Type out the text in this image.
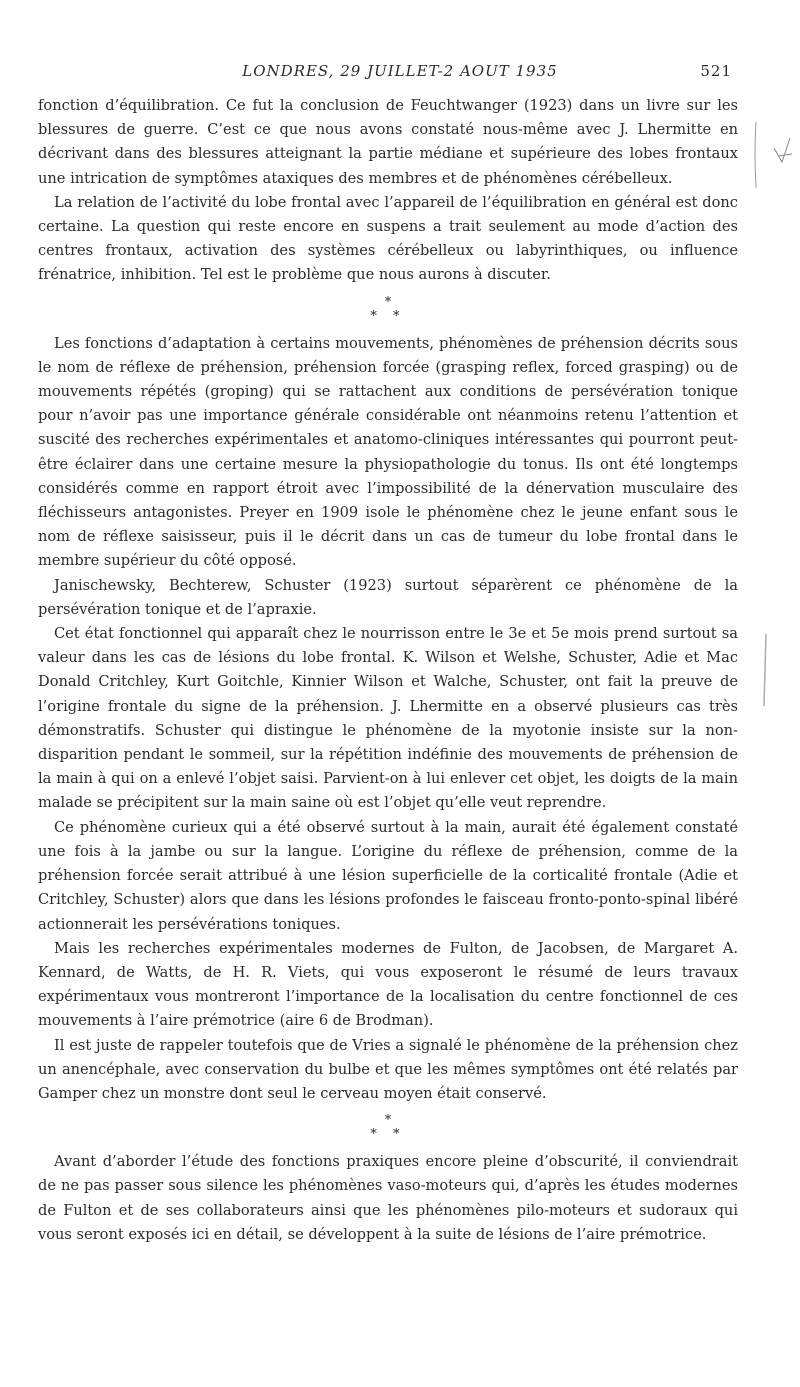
LONDRES, 29 JUILLET-2 AOUT 1935	521

fonction d’équilibration. Ce fut la conclusion de Feuchtwanger (1923) dans un livre sur les blessures de guerre. C’est ce que nous avons constaté nous-même avec J. Lhermitte en décrivant dans des blessures atteignant la partie médiane et supérieure des lobes frontaux une intrication de symptômes ataxiques des membres et de phénomènes cérébelleux.

La relation de l’activité du lobe frontal avec l’appareil de l’équilibration en général est donc certaine. La question qui reste encore en suspens a trait seulement au mode d’action des centres frontaux, activation des systèmes cérébelleux ou labyrinthiques, ou influence frénatrice, inhibition. Tel est le problème que nous aurons à discuter.

*
* *

Les fonctions d’adaptation à certains mouvements, phénomènes de préhension décrits sous le nom de réflexe de préhension, préhension forcée (grasping reflex, forced grasping) ou de mouvements répétés (groping) qui se rattachent aux conditions de persévération tonique pour n’avoir pas une importance générale considérable ont néanmoins retenu l’attention et suscité des recherches expérimentales et anatomo-cliniques intéressantes qui pourront peut-être éclairer dans une certaine mesure la physiopathologie du tonus. Ils ont été longtemps considérés comme en rapport étroit avec l’impossibilité de la dénervation musculaire des fléchisseurs antagonistes. Preyer en 1909 isole le phénomène chez le jeune enfant sous le nom de réflexe saisisseur, puis il le décrit dans un cas de tumeur du lobe frontal dans le membre supérieur du côté opposé.

Janischewsky, Bechterew, Schuster (1923) surtout séparèrent ce phénomène de la persévération tonique et de l’apraxie.

Cet état fonctionnel qui apparaît chez le nourrisson entre le 3e et 5e mois prend surtout sa valeur dans les cas de lésions du lobe frontal. K. Wilson et Welshe, Schuster, Adie et Mac Donald Critchley, Kurt Goitchle, Kinnier Wilson et Walche, Schuster, ont fait la preuve de l’origine frontale du signe de la préhension. J. Lhermitte en a observé plusieurs cas très démonstratifs. Schuster qui distingue le phénomène de la myotonie insiste sur la non-disparition pendant le sommeil, sur la répétition indéfinie des mouvements de préhension de la main à qui on a enlevé l’objet saisi. Parvient-on à lui enlever cet objet, les doigts de la main malade se précipitent sur la main saine où est l’objet qu’elle veut reprendre.

Ce phénomène curieux qui a été observé surtout à la main, aurait été également constaté une fois à la jambe ou sur la langue. L’origine du réflexe de préhension, comme de la préhension forcée serait attribué à une lésion superficielle de la corticalité frontale (Adie et Critchley, Schuster) alors que dans les lésions profondes le faisceau fronto-ponto-spinal libéré actionnerait les persévérations toniques.

Mais les recherches expérimentales modernes de Fulton, de Jacobsen, de Margaret A. Kennard, de Watts, de H. R. Viets, qui vous exposeront le résumé de leurs travaux expérimentaux vous montreront l’importance de la localisation du centre fonctionnel de ces mouvements à l’aire prémotrice (aire 6 de Brodman).

Il est juste de rappeler toutefois que de Vries a signalé le phénomène de la préhension chez un anencéphale, avec conservation du bulbe et que les mêmes symptômes ont été relatés par Gamper chez un monstre dont seul le cerveau moyen était conservé.

*
* *

Avant d’aborder l’étude des fonctions praxiques encore pleine d’obscurité, il conviendrait de ne pas passer sous silence les phénomènes vaso-moteurs qui, d’après les études modernes de Fulton et de ses collaborateurs ainsi que les phénomènes pilo-moteurs et sudoraux qui vous seront exposés ici en détail, se développent à la suite de lésions de l’aire prémotrice.
